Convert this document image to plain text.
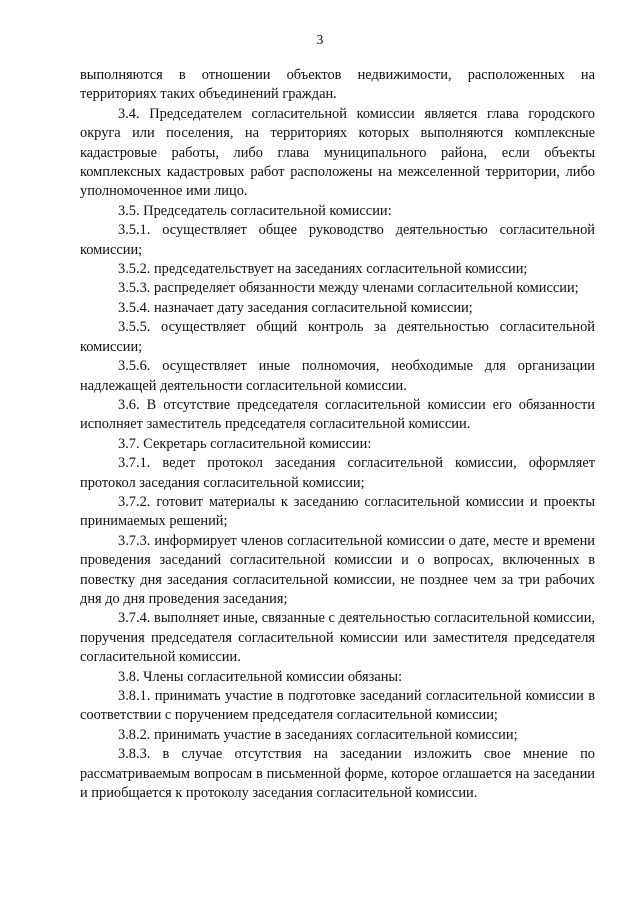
3

выполняются в отношении объектов недвижимости, расположенных на территориях таких объединений граждан.

3.4. Председателем согласительной комиссии является глава городского округа или поселения, на территориях которых выполняются комплексные кадастровые работы, либо глава муниципального района, если объекты комплексных кадастровых работ расположены на межселенной территории, либо уполномоченное ими лицо.

3.5. Председатель согласительной комиссии:

3.5.1. осуществляет общее руководство деятельностью согласительной комиссии;

3.5.2. председательствует на заседаниях согласительной комиссии;

3.5.3. распределяет обязанности между членами согласительной комиссии;

3.5.4. назначает дату заседания согласительной комиссии;

3.5.5. осуществляет общий контроль за деятельностью согласительной комиссии;

3.5.6. осуществляет иные полномочия, необходимые для организации надлежащей деятельности согласительной комиссии.

3.6. В отсутствие председателя согласительной комиссии его обязанности исполняет заместитель председателя согласительной комиссии.

3.7. Секретарь согласительной комиссии:

3.7.1. ведет протокол заседания согласительной комиссии, оформляет протокол заседания согласительной комиссии;

3.7.2. готовит материалы к заседанию согласительной комиссии и проекты принимаемых решений;

3.7.3. информирует членов согласительной комиссии о дате, месте и времени проведения заседаний согласительной комиссии и о вопросах, включенных в повестку дня заседания согласительной комиссии, не позднее чем за три рабочих дня до дня проведения заседания;

3.7.4. выполняет иные, связанные с деятельностью согласительной комиссии, поручения председателя согласительной комиссии или заместителя председателя согласительной комиссии.

3.8. Члены согласительной комиссии обязаны:

3.8.1. принимать участие в подготовке заседаний согласительной комиссии в соответствии с поручением председателя согласительной комиссии;

3.8.2. принимать участие в заседаниях согласительной комиссии;

3.8.3. в случае отсутствия на заседании изложить свое мнение по рассматриваемым вопросам в письменной форме, которое оглашается на заседании и приобщается к протоколу заседания согласительной комиссии.
